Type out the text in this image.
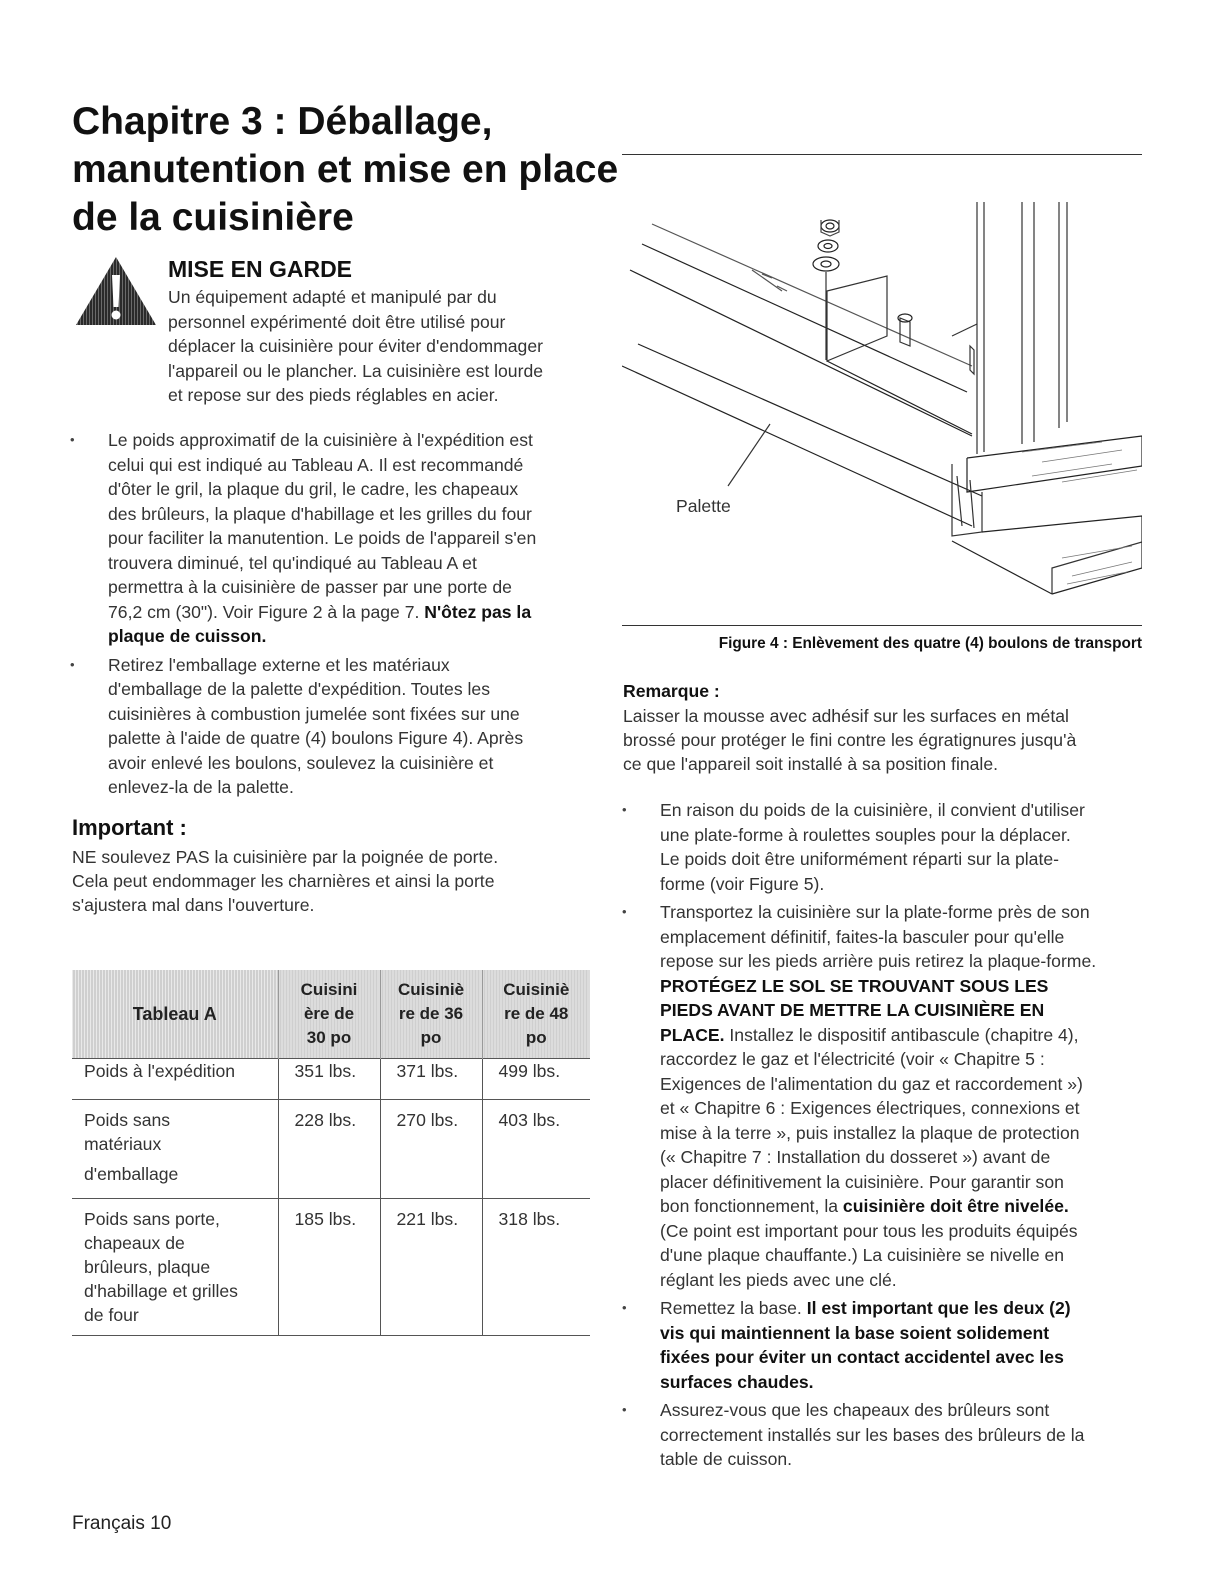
Chapitre 3 : Déballage,
manutention et mise en place
de la cuisinière
MISE EN GARDE
Un équipement adapté et manipulé par du
personnel expérimenté doit être utilisé pour
déplacer la cuisinière pour éviter d'endommager
l'appareil ou le plancher. La cuisinière est lourde
et repose sur des pieds réglables en acier.
• Le poids approximatif de la cuisinière à l'expédition est
celui qui est indiqué au Tableau A. Il est recommandé
d'ôter le gril, la plaque du gril, le cadre, les chapeaux
des brûleurs, la plaque d'habillage et les grilles du four
pour faciliter la manutention. Le poids de l'appareil s'en
trouvera diminué, tel qu'indiqué au Tableau A et
permettra à la cuisinière de passer par une porte de
76,2 cm (30"). Voir Figure 2 à la page 7. N'ôtez pas la
plaque de cuisson.
• Retirez l'emballage externe et les matériaux
d'emballage de la palette d'expédition. Toutes les
cuisinières à combustion jumelée sont fixées sur une
palette à l'aide de quatre (4) boulons Figure 4). Après
avoir enlevé les boulons, soulevez la cuisinière et
enlevez-la de la palette.
Important :
NE soulevez PAS la cuisinière par la poignée de porte.
Cela peut endommager les charnières et ainsi la porte
s'ajustera mal dans l'ouverture.
Tableau A	Cuisini
ère de
30 po	Cuisiniè
re de 36
po	Cuisiniè
re de 48
po

Poids à l'expédition	351 lbs.	371 lbs.	499 lbs.

Poids sans
matériaux
d'emballage	228 lbs.	270 lbs.	403 lbs.

Poids sans porte,
chapeaux de
brûleurs, plaque
d'habillage et grilles
de four	185 lbs.	221 lbs.	318 lbs.

Palette

Figure 4 : Enlèvement des quatre (4) boulons de transport

Remarque :
Laisser la mousse avec adhésif sur les surfaces en métal
brossé pour protéger le fini contre les égratignures jusqu'à
ce que l'appareil soit installé à sa position finale.
• En raison du poids de la cuisinière, il convient d'utiliser
une plate-forme à roulettes souples pour la déplacer.
Le poids doit être uniformément réparti sur la plate-
forme (voir Figure 5).
• Transportez la cuisinière sur la plate-forme près de son
emplacement définitif, faites-la basculer pour qu'elle
repose sur les pieds arrière puis retirez la plaque-forme.
PROTÉGEZ LE SOL SE TROUVANT SOUS LES
PIEDS AVANT DE METTRE LA CUISINIÈRE EN
PLACE. Installez le dispositif antibascule (chapitre 4),
raccordez le gaz et l'électricité (voir « Chapitre 5 :
Exigences de l'alimentation du gaz et raccordement »)
et « Chapitre 6 : Exigences électriques, connexions et
mise à la terre », puis installez la plaque de protection
(« Chapitre 7 : Installation du dosseret ») avant de
placer définitivement la cuisinière. Pour garantir son
bon fonctionnement, la cuisinière doit être nivelée.
(Ce point est important pour tous les produits équipés
d'une plaque chauffante.) La cuisinière se nivelle en
réglant les pieds avec une clé.
• Remettez la base. Il est important que les deux (2)
vis qui maintiennent la base soient solidement
fixées pour éviter un contact accidentel avec les
surfaces chaudes.
• Assurez-vous que les chapeaux des brûleurs sont
correctement installés sur les bases des brûleurs de la
table de cuisson.

Français 10
